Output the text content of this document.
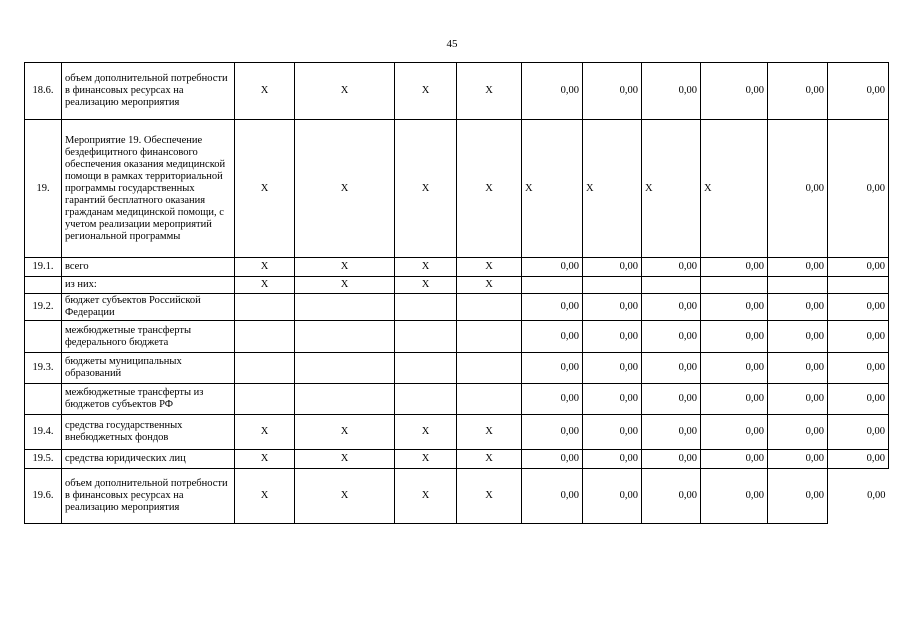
45
18.6.	объем дополнительной потребности в финансовых ресурсах на реализацию мероприятия	X	X	X	X	0,00	0,00	0,00	0,00	0,00	0,00
19.	Мероприятие 19. Обеспечение бездефицитного финансового обеспечения оказания медицинской помощи в рамках территориальной программы государственных гарантий бесплатного оказания гражданам медицинской помощи, с учетом реализации мероприятий региональной программы	X	X	X	X	X	X	X	X	0,00	0,00
19.1.	всего	X	X	X	X	0,00	0,00	0,00	0,00	0,00	0,00
	из них:	X	X	X	X						
19.2.	бюджет субъектов Российской Федерации					0,00	0,00	0,00	0,00	0,00	0,00
	межбюджетные трансферты федерального бюджета					0,00	0,00	0,00	0,00	0,00	0,00
19.3.	бюджеты муниципальных образований					0,00	0,00	0,00	0,00	0,00	0,00
	межбюджетные трансферты из бюджетов субъектов РФ					0,00	0,00	0,00	0,00	0,00	0,00
19.4.	средства государственных внебюджетных фондов	X	X	X	X	0,00	0,00	0,00	0,00	0,00	0,00
19.5.	средства юридических лиц	X	X	X	X	0,00	0,00	0,00	0,00	0,00	0,00
19.6.	объем дополнительной потребности в финансовых ресурсах на реализацию мероприятия	X	X	X	X	0,00	0,00	0,00	0,00	0,00	0,00
